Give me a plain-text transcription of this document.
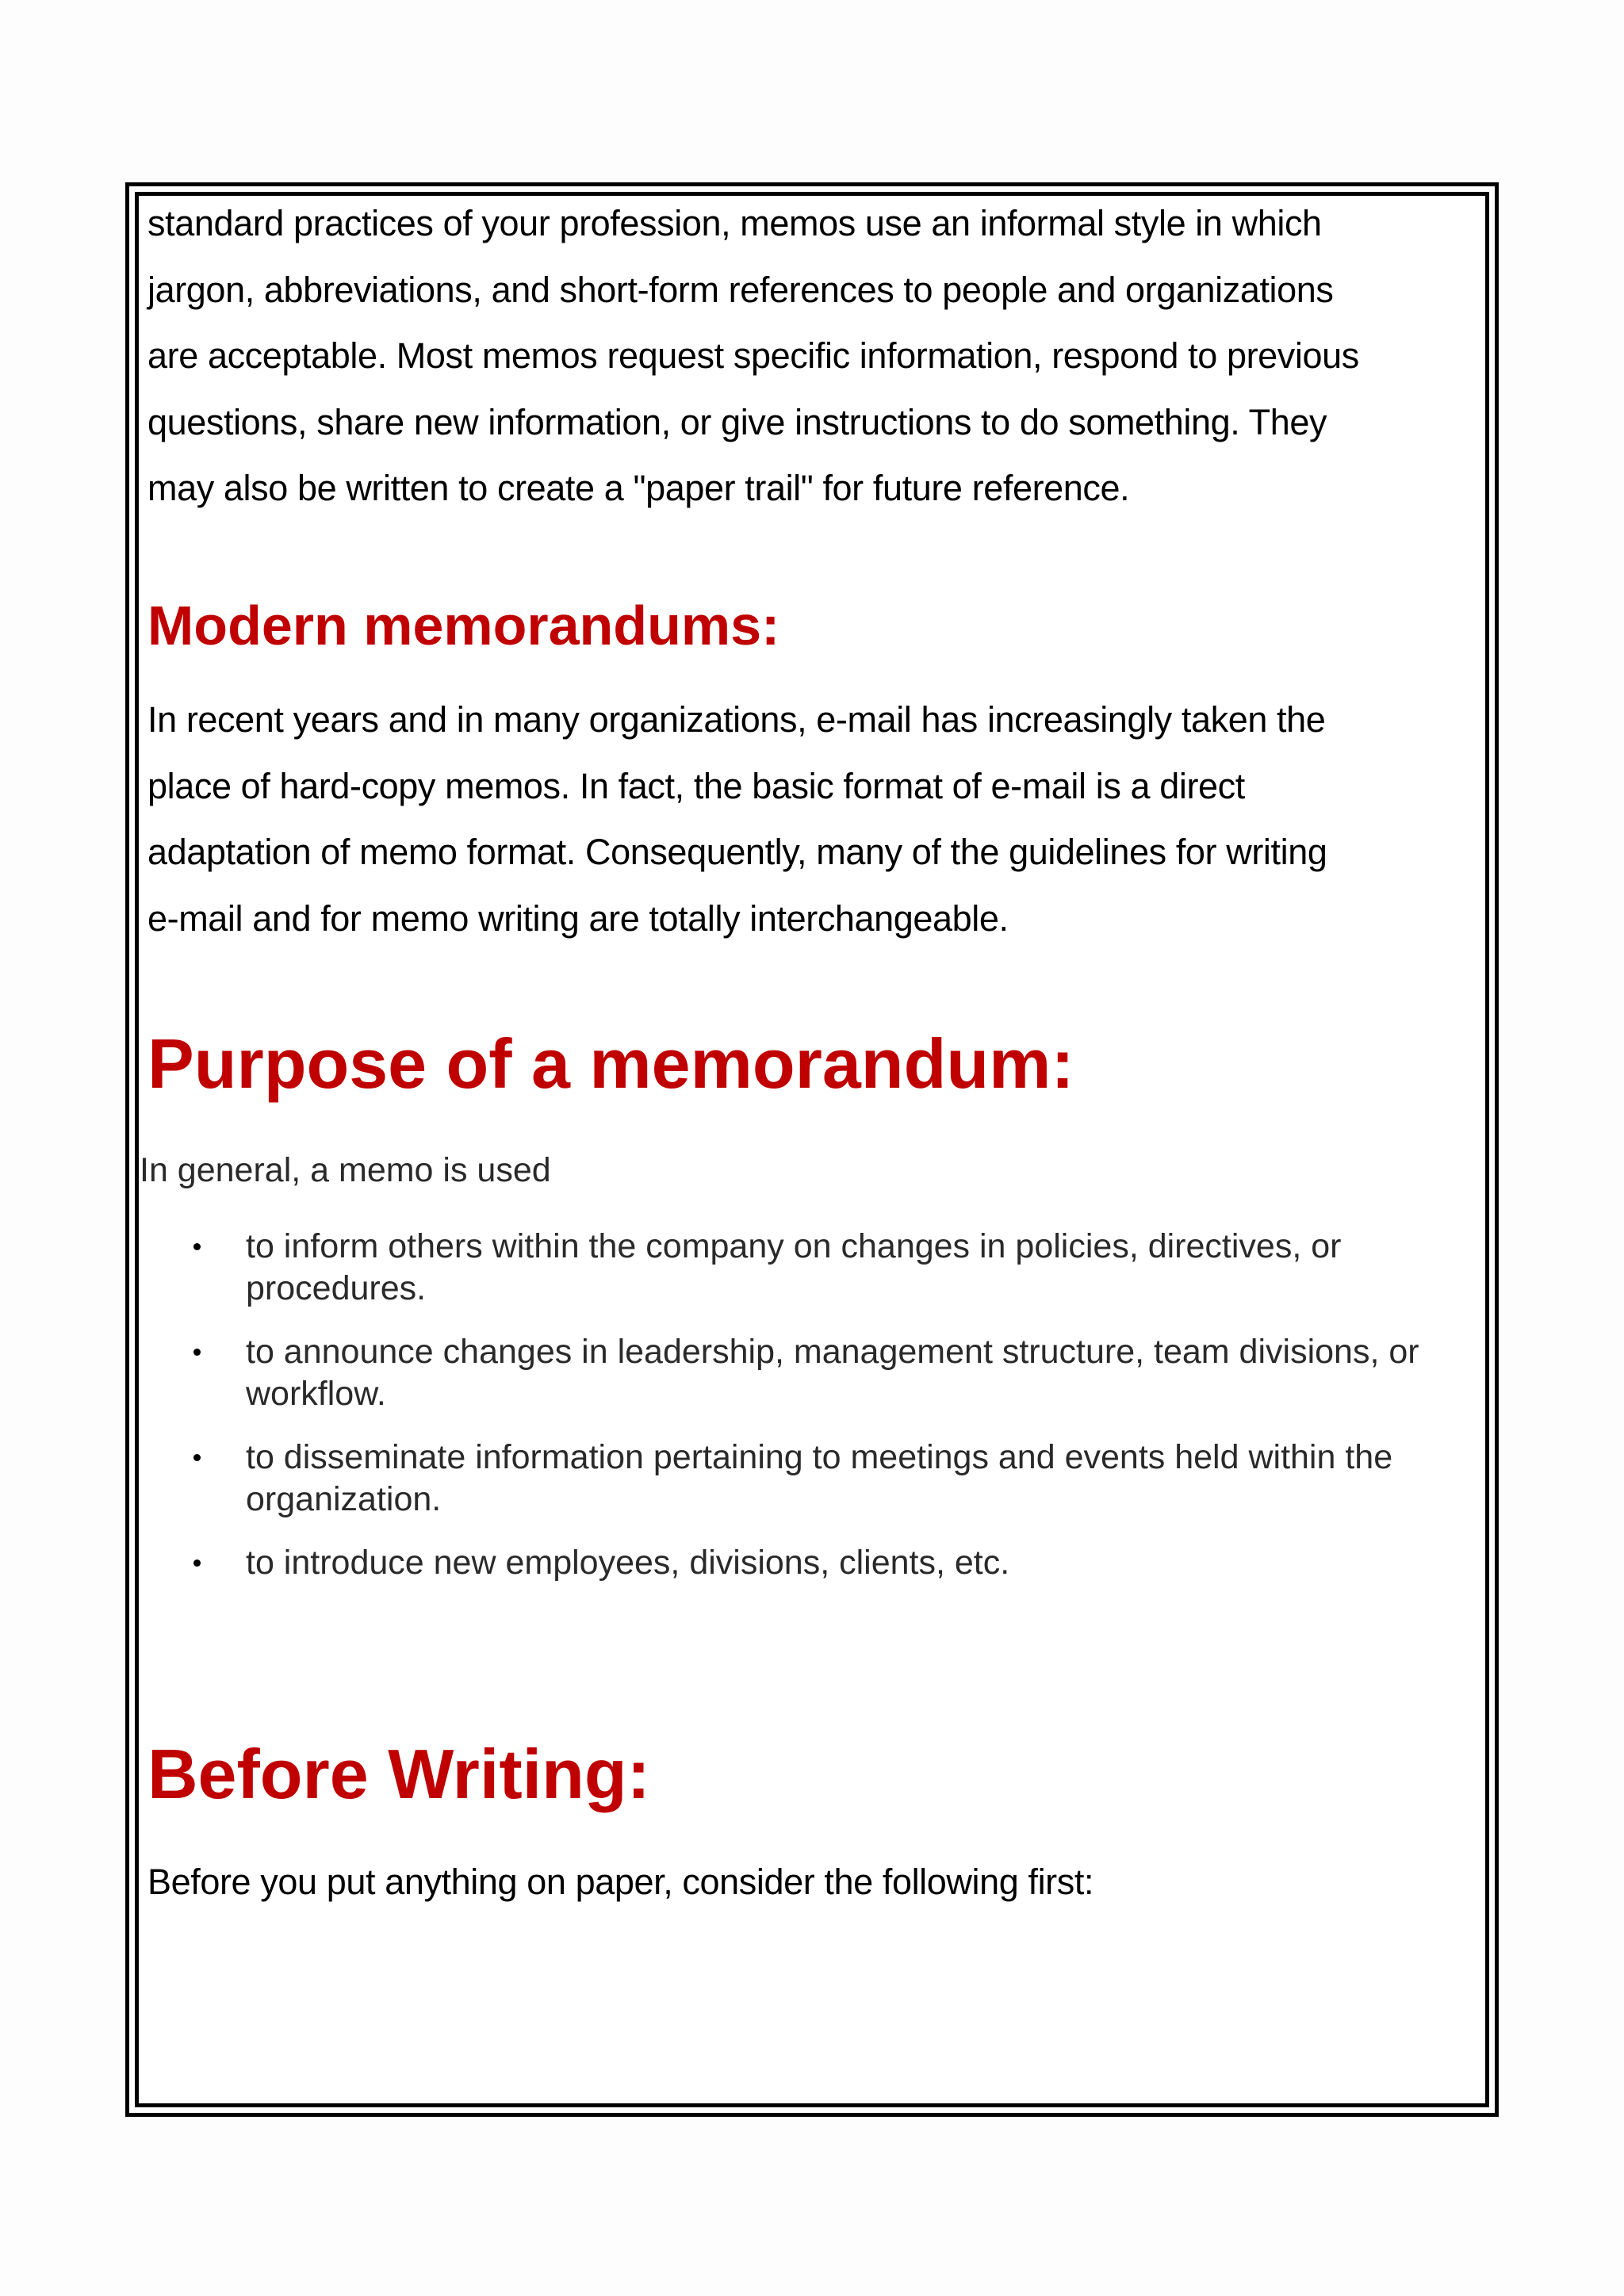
standard practices of your profession, memos use an informal style in which

jargon, abbreviations, and short-form references to people and organizations

are acceptable. Most memos request specific information, respond to previous

questions, share new information, or give instructions to do something. They

may also be written to create a "paper trail" for future reference.

Modern memorandums:

In recent years and in many organizations, e-mail has increasingly taken the

place of hard-copy memos. In fact, the basic format of e-mail is a direct

adaptation of memo format. Consequently, many of the guidelines for writing

e-mail and for memo writing are totally interchangeable.

Purpose of a memorandum:

In general, a memo is used

to inform others within the company on changes in policies, directives, or procedures.
to announce changes in leadership, management structure, team divisions, or workflow.
to disseminate information pertaining to meetings and events held within the organization.
to introduce new employees, divisions, clients, etc.
Before Writing:

Before you put anything on paper, consider the following first:
